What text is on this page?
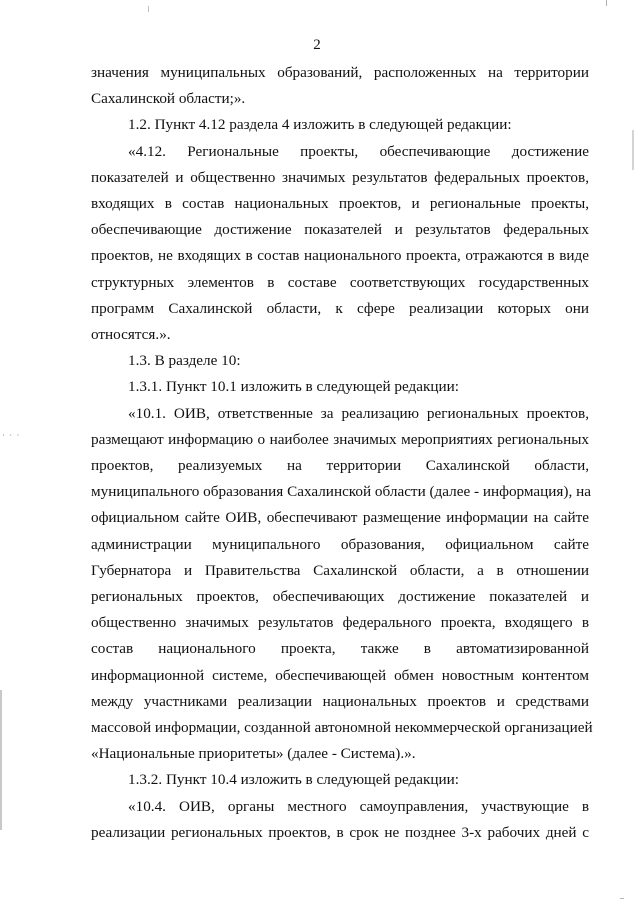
2

значения муниципальных образований, расположенных на территории
Сахалинской области;».
1.2. Пункт 4.12 раздела 4 изложить в следующей редакции:
«4.12. Региональные проекты, обеспечивающие достижение
показателей и общественно значимых результатов федеральных проектов,
входящих в состав национальных проектов, и региональные проекты,
обеспечивающие достижение показателей и результатов федеральных
проектов, не входящих в состав национального проекта, отражаются в виде
структурных элементов в составе соответствующих государственных
программ Сахалинской области, к сфере реализации которых они
относятся.».
1.3. В разделе 10:
1.3.1. Пункт 10.1 изложить в следующей редакции:
«10.1. ОИВ, ответственные за реализацию региональных проектов,
размещают информацию о наиболее значимых мероприятиях региональных
проектов, реализуемых на территории Сахалинской области,
муниципального образования Сахалинской области (далее - информация), на
официальном сайте ОИВ, обеспечивают размещение информации на сайте
администрации муниципального образования, официальном сайте
Губернатора и Правительства Сахалинской области, а в отношении
региональных проектов, обеспечивающих достижение показателей и
общественно значимых результатов федерального проекта, входящего в
состав национального проекта, также в автоматизированной
информационной системе, обеспечивающей обмен новостным контентом
между участниками реализации национальных проектов и средствами
массовой информации, созданной автономной некоммерческой организацией
«Национальные приоритеты» (далее - Система).».
1.3.2. Пункт 10.4 изложить в следующей редакции:
«10.4. ОИВ, органы местного самоуправления, участвующие в
реализации региональных проектов, в срок не позднее 3-х рабочих дней с

· · ·
